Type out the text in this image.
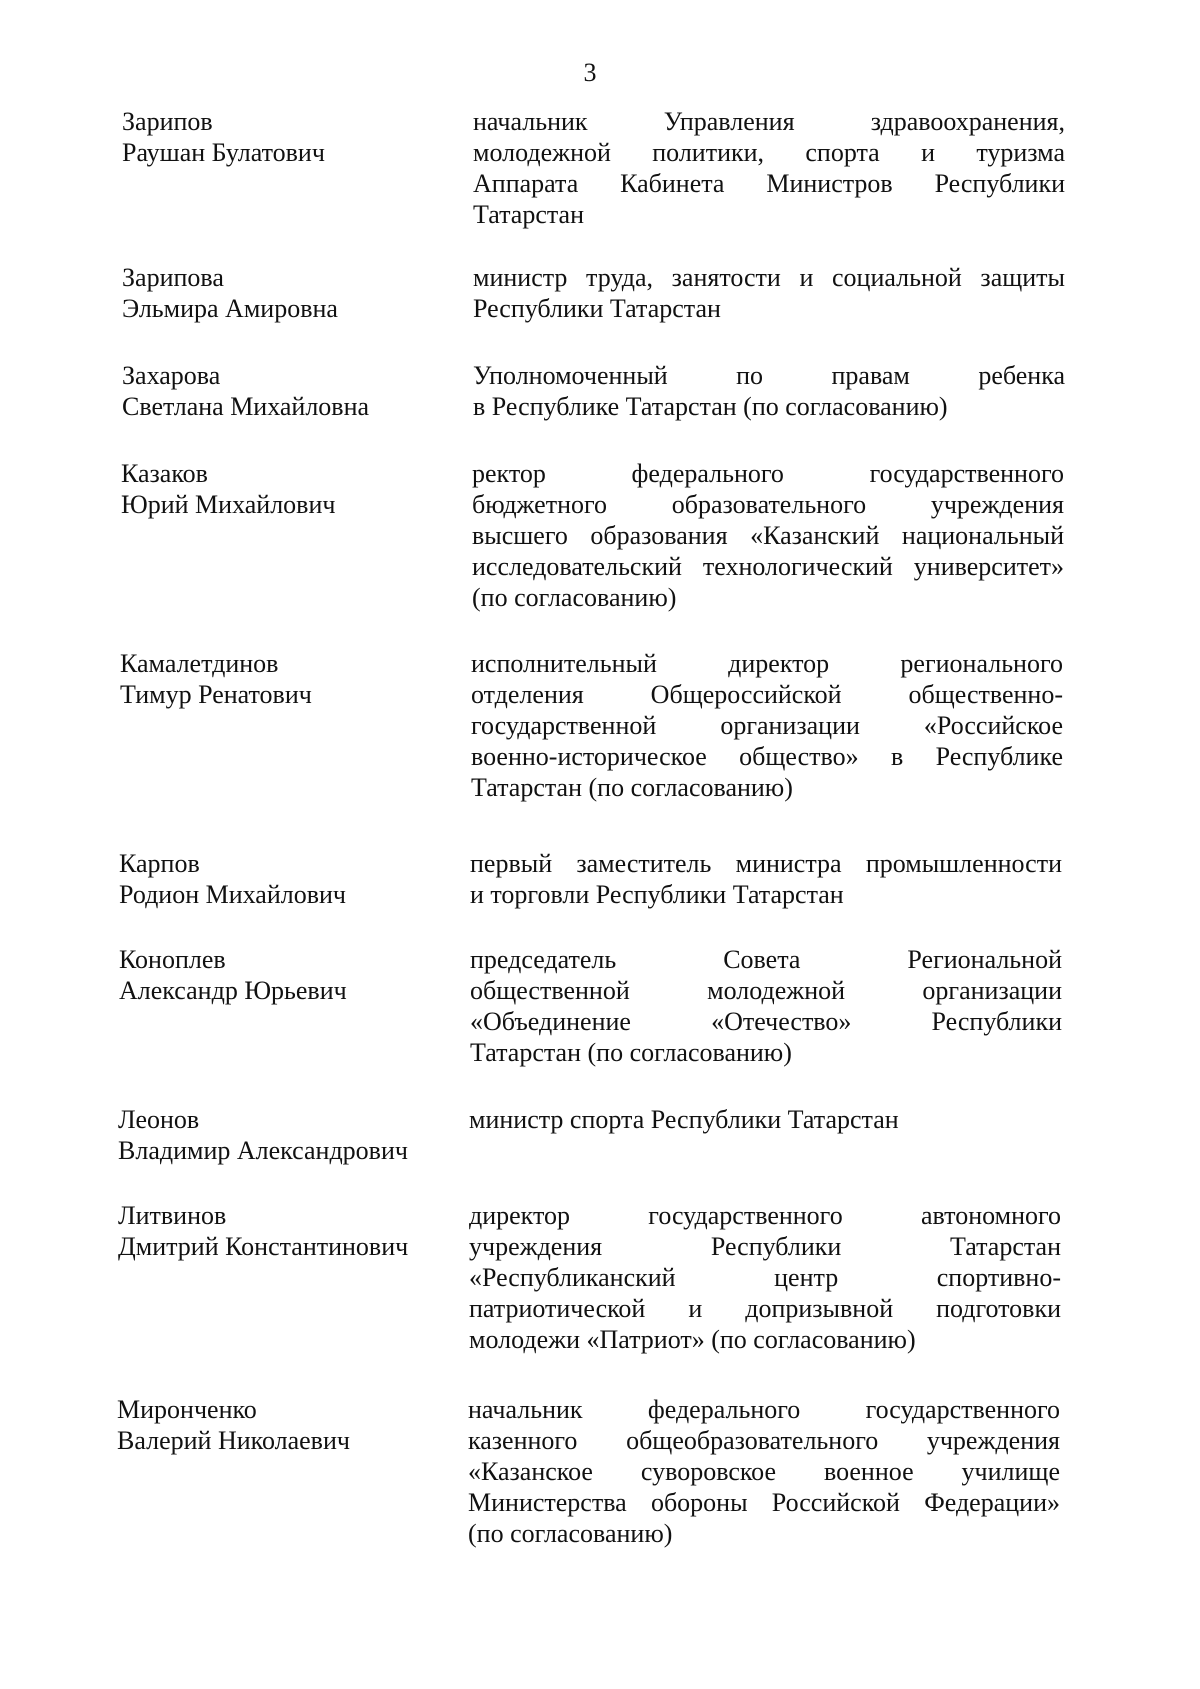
3
Зарипов
Раушан Булатович
начальник Управления здравоохранения,
молодежной политики, спорта и туризма
Аппарата Кабинета Министров Республики
Татарстан
Зарипова
Эльмира Амировна
министр труда, занятости и социальной защиты
Республики Татарстан
Захарова
Светлана Михайловна
Уполномоченный по правам ребенка
в Республике Татарстан (по согласованию)
Казаков
Юрий Михайлович
ректор федерального государственного
бюджетного образовательного учреждения
высшего образования «Казанский национальный
исследовательский технологический университет»
(по согласованию)
Камалетдинов
Тимур Ренатович
исполнительный директор регионального
отделения Общероссийской общественно-
государственной организации «Российское
военно-историческое общество» в Республике
Татарстан (по согласованию)
Карпов
Родион Михайлович
первый заместитель министра промышленности
и торговли Республики Татарстан
Коноплев
Александр Юрьевич
председатель Совета Региональной
общественной молодежной организации
«Объединение «Отечество» Республики
Татарстан (по согласованию)
Леонов
Владимир Александрович
министр спорта Республики Татарстан
Литвинов
Дмитрий Константинович
директор государственного автономного
учреждения Республики Татарстан
«Республиканский центр спортивно-
патриотической и допризывной подготовки
молодежи «Патриот» (по согласованию)
Миронченко
Валерий Николаевич
начальник федерального государственного
казенного общеобразовательного учреждения
«Казанское суворовское военное училище
Министерства обороны Российской Федерации»
(по согласованию)
